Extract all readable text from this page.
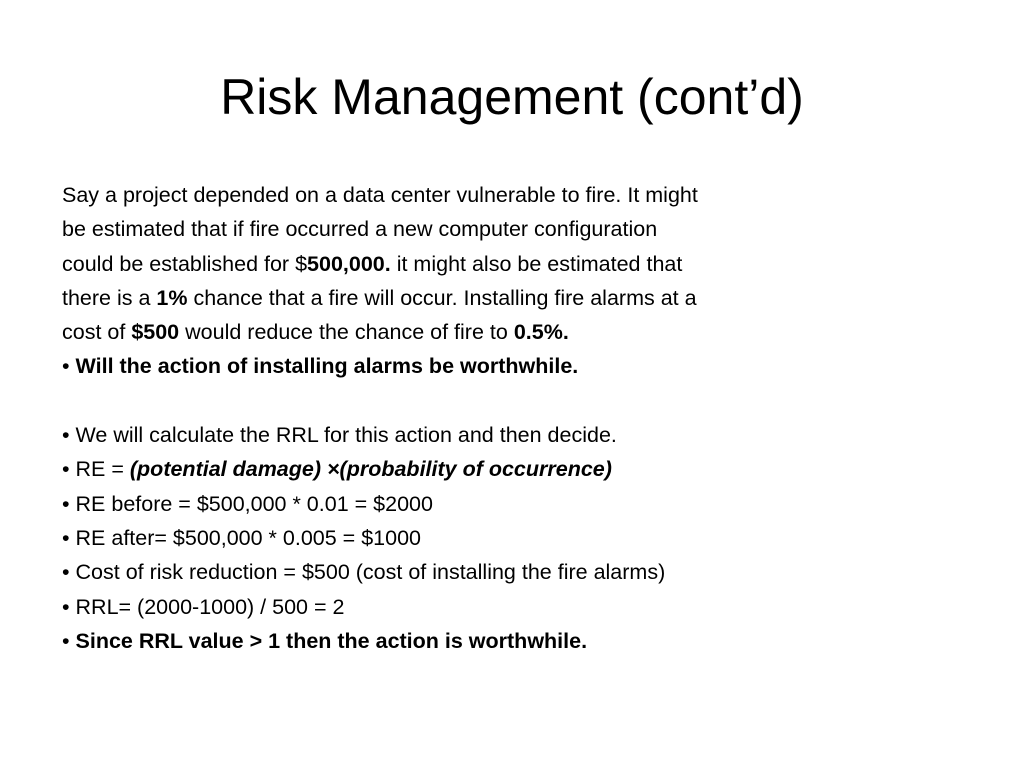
Risk Management (cont’d)
Say a project depended on a data center vulnerable to fire. It might
be estimated that if fire occurred a new computer configuration
could be established for $500,000. it might also be estimated that
there is a 1% chance that a fire will occur. Installing fire alarms at a
cost of $500 would reduce the chance of fire to 0.5%.
• Will the action of installing alarms be worthwhile.
• We will calculate the RRL for this action and then decide.
• RE = (potential damage) ×(probability of occurrence)
• RE before = $500,000 * 0.01 = $2000
• RE after= $500,000 * 0.005 = $1000
• Cost of risk reduction = $500 (cost of installing the fire alarms)
• RRL= (2000-1000) / 500 = 2
• Since RRL value > 1 then the action is worthwhile.
